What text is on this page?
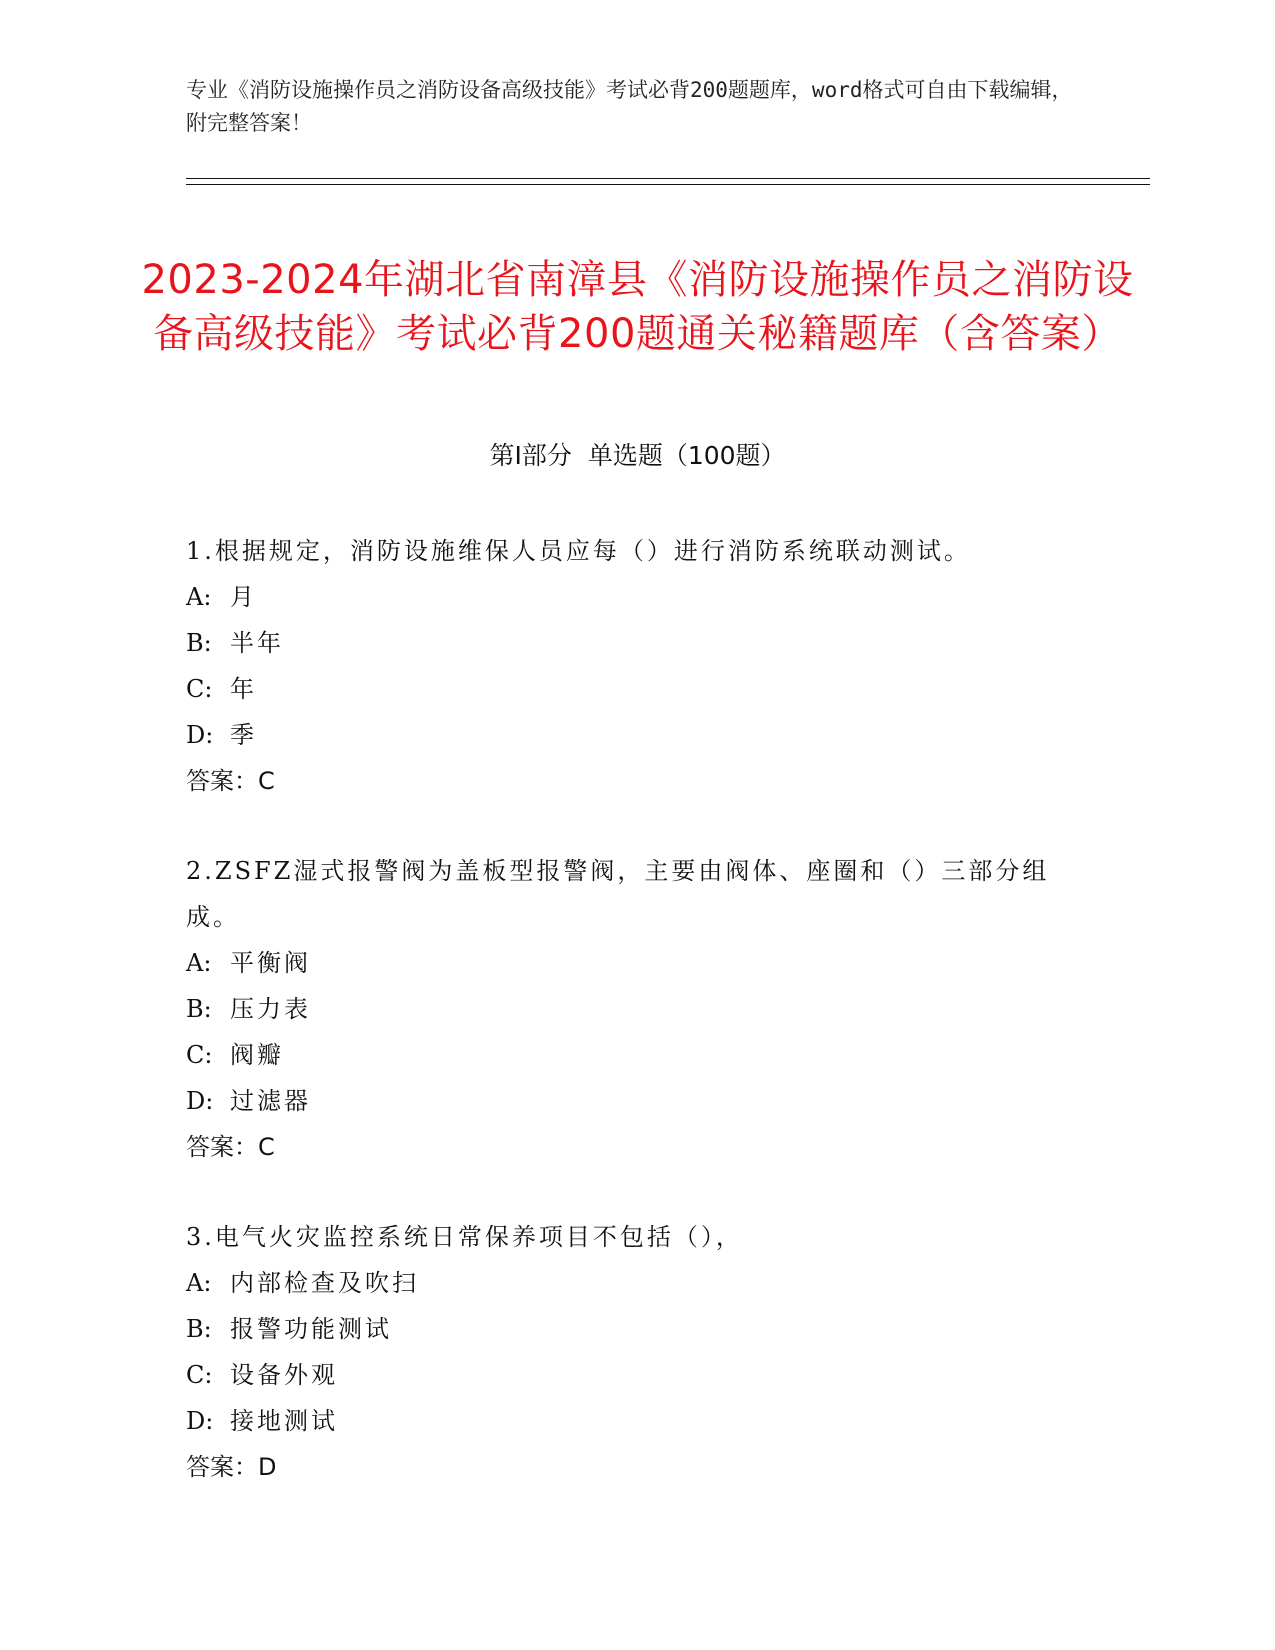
专业《消防设施操作员之消防设备高级技能》考试必背200题题库，word格式可自由下载编辑，附完整答案！
2023-2024年湖北省南漳县《消防设施操作员之消防设备高级技能》考试必背200题通关秘籍题库（含答案）
第Ⅰ部分 单选题（100题）
1.根据规定，消防设施维保人员应每（）进行消防系统联动测试。
A: 月
B: 半年
C: 年
D: 季
答案：C
2.ZSFZ湿式报警阀为盖板型报警阀，主要由阀体、座圈和（）三部分组成。
A: 平衡阀
B: 压力表
C: 阀瓣
D: 过滤器
答案：C
3.电气火灾监控系统日常保养项目不包括（），
A: 内部检查及吹扫
B: 报警功能测试
C: 设备外观
D: 接地测试
答案：D
